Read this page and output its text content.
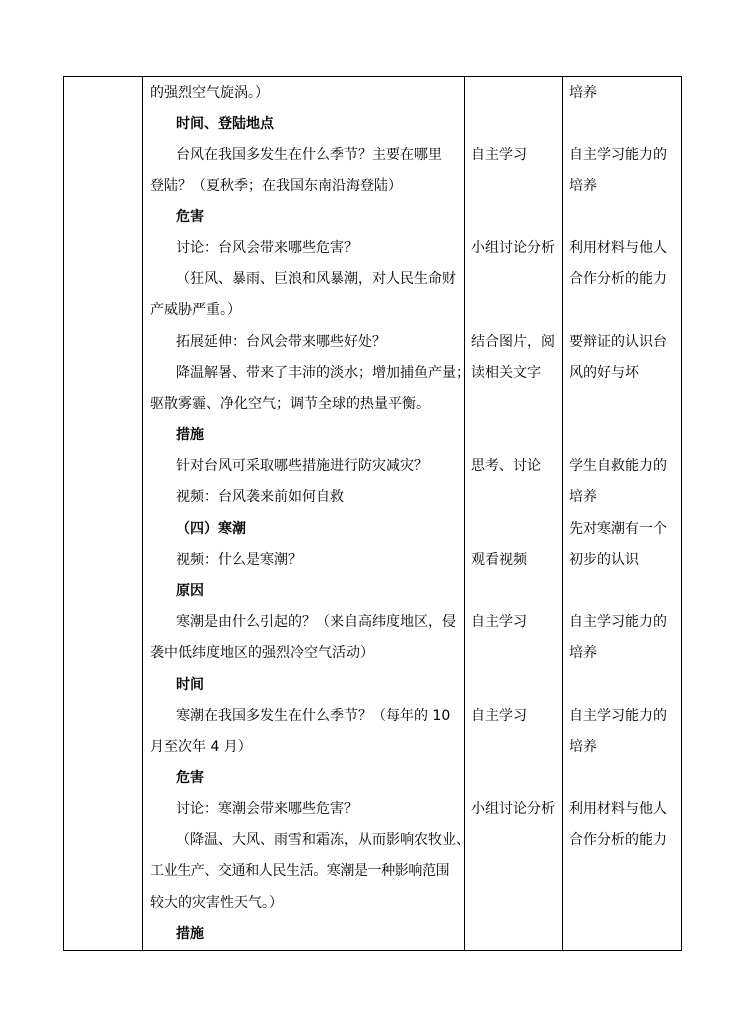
的强烈空气旋涡。）
时间、登陆地点
台风在我国多发生在什么季节？主要在哪里
登陆？（夏秋季；在我国东南沿海登陆）
危害
讨论：台风会带来哪些危害？
（狂风、暴雨、巨浪和风暴潮，对人民生命财
产威胁严重。）
拓展延伸：台风会带来哪些好处？
降温解暑、带来了丰沛的淡水；增加捕鱼产量；
驱散雾霾、净化空气；调节全球的热量平衡。
措施
针对台风可采取哪些措施进行防灾减灾？
视频：台风袭来前如何自救
（四）寒潮
视频：什么是寒潮？
原因
寒潮是由什么引起的？（来自高纬度地区，侵
袭中低纬度地区的强烈冷空气活动）
时间
寒潮在我国多发生在什么季节？（每年的 10
月至次年 4 月）
危害
讨论：寒潮会带来哪些危害？
（降温、大风、雨雪和霜冻，从而影响农牧业、
工业生产、交通和人民生活。寒潮是一种影响范围
较大的灾害性天气。）
措施
自主学习
小组讨论分析
结合图片，阅
读相关文字
思考、讨论
观看视频
自主学习
自主学习
小组讨论分析
培养
自主学习能力的
培养
利用材料与他人
合作分析的能力
要辩证的认识台
风的好与坏
学生自救能力的
培养
先对寒潮有一个
初步的认识
自主学习能力的
培养
自主学习能力的
培养
利用材料与他人
合作分析的能力
